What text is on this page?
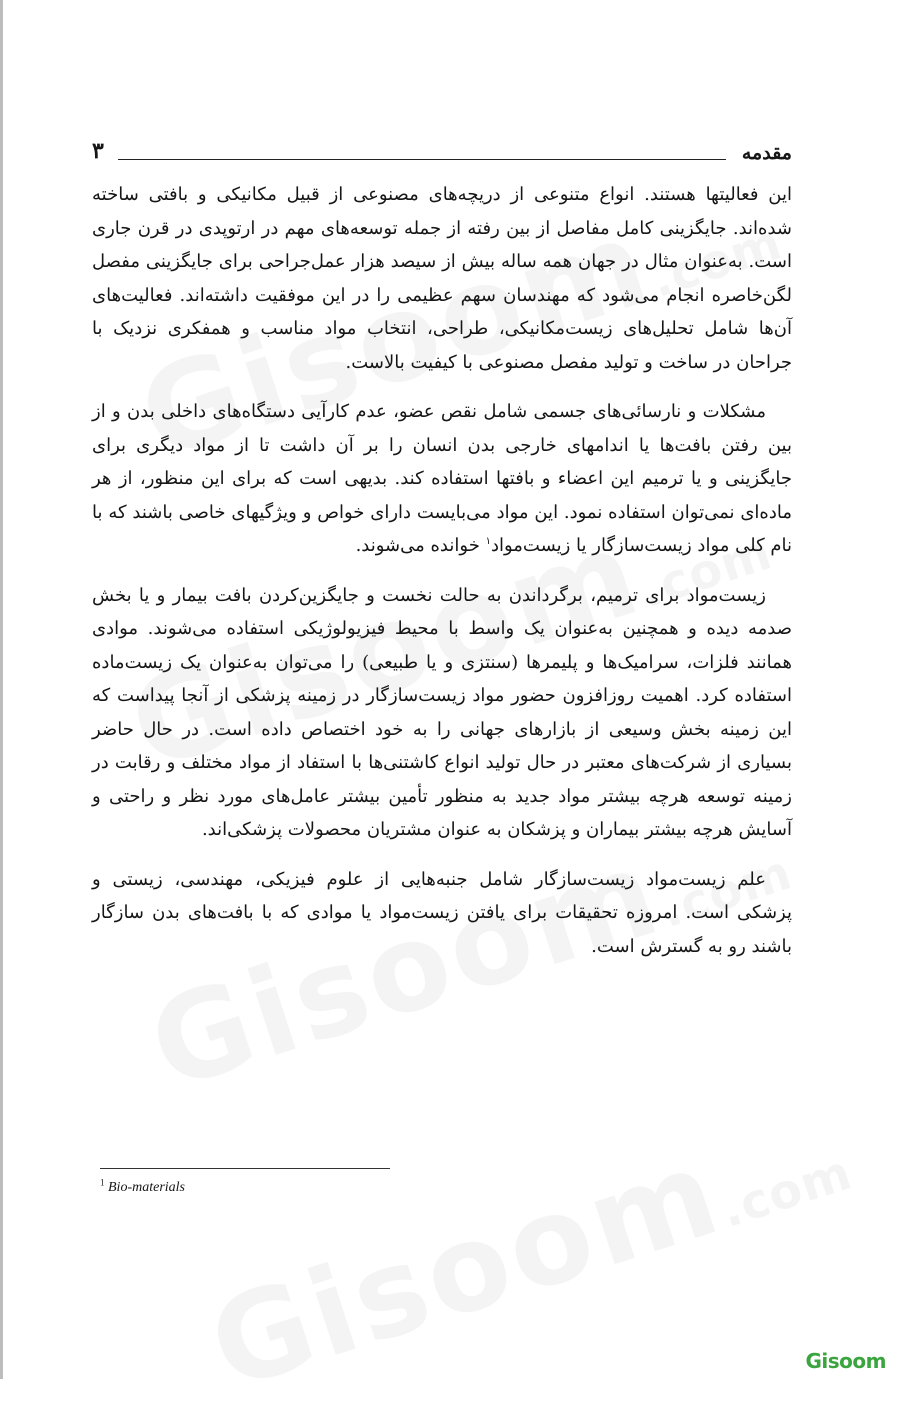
مقدمه
۳

این فعالیتها هستند. انواع متنوعی از دریچه‌های مصنوعی از قبیل مکانیکی و بافتی ساخته شده‌اند. جایگزینی کامل مفاصل از بین رفته از جمله توسعه‌های مهم در ارتوپدی در قرن جاری است. به‌عنوان مثال در جهان همه ساله بیش از سیصد هزار عمل‌جراحی برای جایگزینی مفصل لگن‌خاصره انجام می‌شود که مهندسان سهم عظیمی را در این موفقیت داشته‌اند. فعالیت‌های آن‌ها شامل تحلیل‌های زیست‌مکانیکی، طراحی، انتخاب مواد مناسب و همفکری نزدیک با جراحان در ساخت و تولید مفصل مصنوعی با کیفیت بالاست.

مشکلات و نارسائی‌های جسمی شامل نقص عضو، عدم کارآیی دستگاه‌های داخلی بدن و از بین رفتن بافت‌ها یا اندامهای خارجی بدن انسان را بر آن داشت تا از مواد دیگری برای جایگزینی و یا ترمیم این اعضاء و بافتها استفاده کند. بدیهی است که برای این منظور، از هر ماده‌ای نمی‌توان استفاده نمود. این مواد می‌بایست دارای خواص و ویژگیهای خاصی باشند که با نام کلی مواد زیست‌سازگار یا زیست‌مواد$^۱$ خوانده می‌شوند.

زیست‌مواد برای ترمیم، برگرداندن به حالت نخست و جایگزین‌کردن بافت بیمار و یا بخش صدمه دیده و همچنین به‌عنوان یک واسط با محیط فیزیولوژیکی استفاده می‌شوند. موادی همانند فلزات، سرامیک‌ها و پلیمرها (سنتزی و یا طبیعی) را می‌توان به‌عنوان یک زیست‌ماده استفاده کرد. اهمیت روزافزون حضور مواد زیست‌سازگار در زمینه پزشکی از آنجا پیداست که این زمینه بخش وسیعی از بازارهای جهانی را به خود اختصاص داده است. در حال حاضر بسیاری از شرکت‌های معتبر در حال تولید انواع کاشتنی‌ها با استفاد از مواد مختلف و رقابت در زمینه توسعه هرچه بیشتر مواد جدید به منظور تأمین بیشتر عامل‌های مورد نظر و راحتی و آسایش هرچه بیشتر بیماران و پزشکان به عنوان مشتریان محصولات پزشکی‌اند.

علم زیست‌مواد زیست‌سازگار شامل جنبه‌هایی از علوم فیزیکی، مهندسی، زیستی و پزشکی است. امروزه تحقیقات برای یافتن زیست‌مواد یا موادی که با بافت‌های بدن سازگار باشند رو به گسترش است.

$^1$ Bio-materials
Gisoom
